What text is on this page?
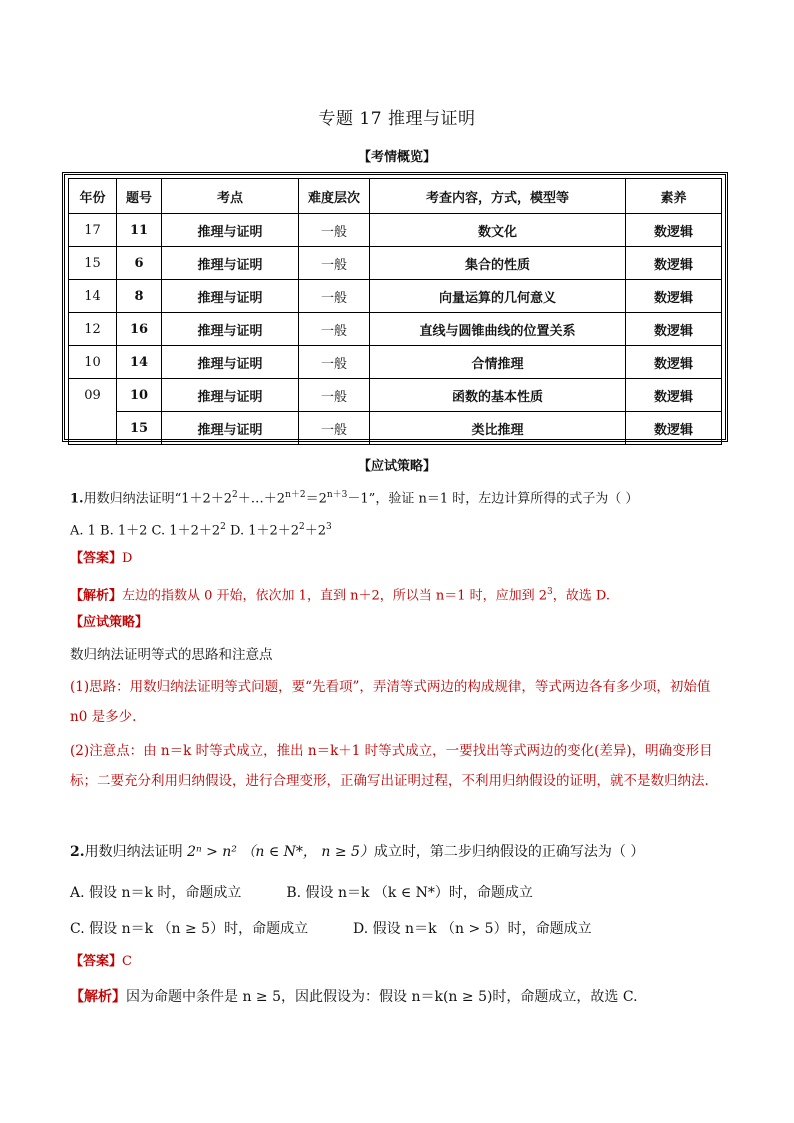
专题 17 推理与证明
【考情概览】
年份	题号	考点	难度层次	考查内容，方式，模型等	素养
17	11	推理与证明	一般	数文化	数逻辑
15	6	推理与证明	一般	集合的性质	数逻辑
14	8	推理与证明	一般	向量运算的几何意义	数逻辑
12	16	推理与证明	一般	直线与圆锥曲线的位置关系	数逻辑
10	14	推理与证明	一般	合情推理	数逻辑
09	10	推理与证明	一般	函数的基本性质	数逻辑
	15	推理与证明	一般	类比推理	数逻辑
【应试策略】
1.用数归纳法证明“$1+2+2^2+\dots+2^{n+2}=2^{n+3}-1$”，验证 n＝1 时，左边计算所得的式子为（ ）
A. 1 B. 1＋2 C. $1+2+2^2$ D. $1+2+2^2+2^3$
【答案】D
【解析】左边的指数从 0 开始，依次加 1，直到 n＋2，所以当 n＝1 时，应加到 $2^3$，故选 D.
【应试策略】
数归纳法证明等式的思路和注意点
(1)思路：用数归纳法证明等式问题，要“先看项”，弄清等式两边的构成规律，等式两边各有多少项，初始值 n0 是多少.
(2)注意点：由 n＝k 时等式成立，推出 n＝k＋1 时等式成立，一要找出等式两边的变化(差异)，明确变形目标；二要充分利用归纳假设，进行合理变形，正确写出证明过程，不利用归纳假设的证明，就不是数归纳法.
2.用数归纳法证明 2ⁿ > n² （n ∈ N*， n ≥ 5）成立时，第二步归纳假设的正确写法为（ ）
A. 假设 n＝k 时，命题成立	B. 假设 n＝k （k ∈ N*）时，命题成立
C. 假设 n＝k （n ≥ 5）时，命题成立	D. 假设 n＝k （n > 5）时，命题成立
【答案】C
【解析】因为命题中条件是 n ≥ 5，因此假设为：假设 n＝k(n ≥ 5)时，命题成立，故选 C.
